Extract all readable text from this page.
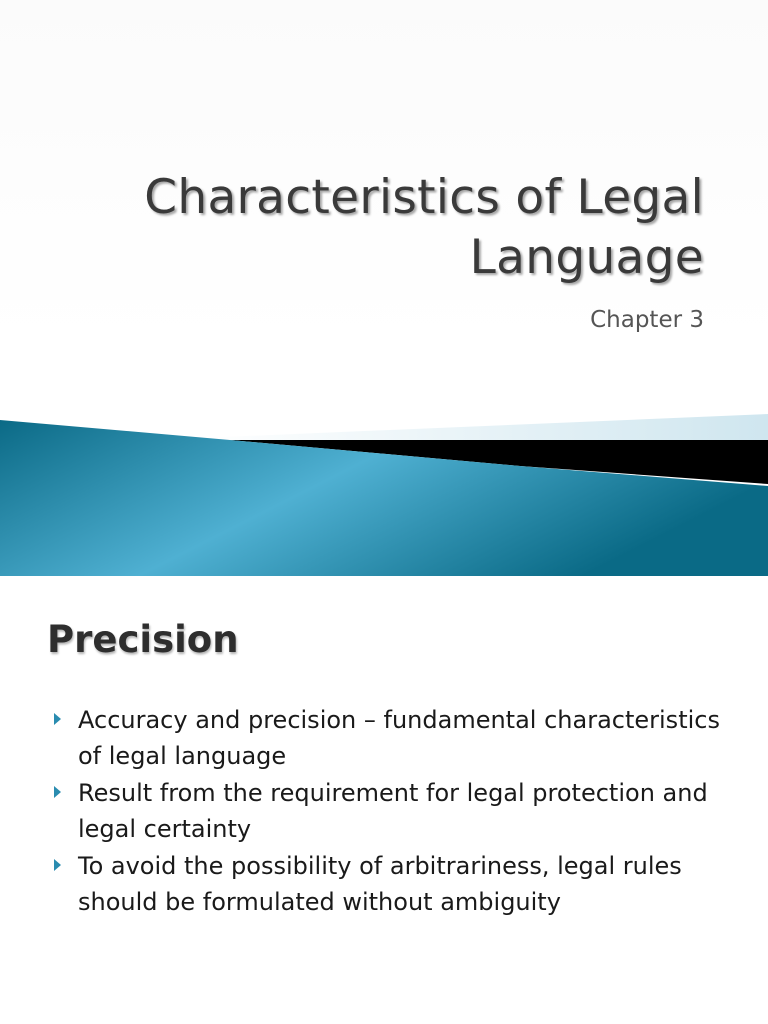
Characteristics of Legal
Language
Chapter 3
Precision
Accuracy and precision – fundamental characteristics of legal language
Result from the requirement for legal protection and legal certainty
To avoid the possibility of arbitrariness, legal rules should be formulated without ambiguity
